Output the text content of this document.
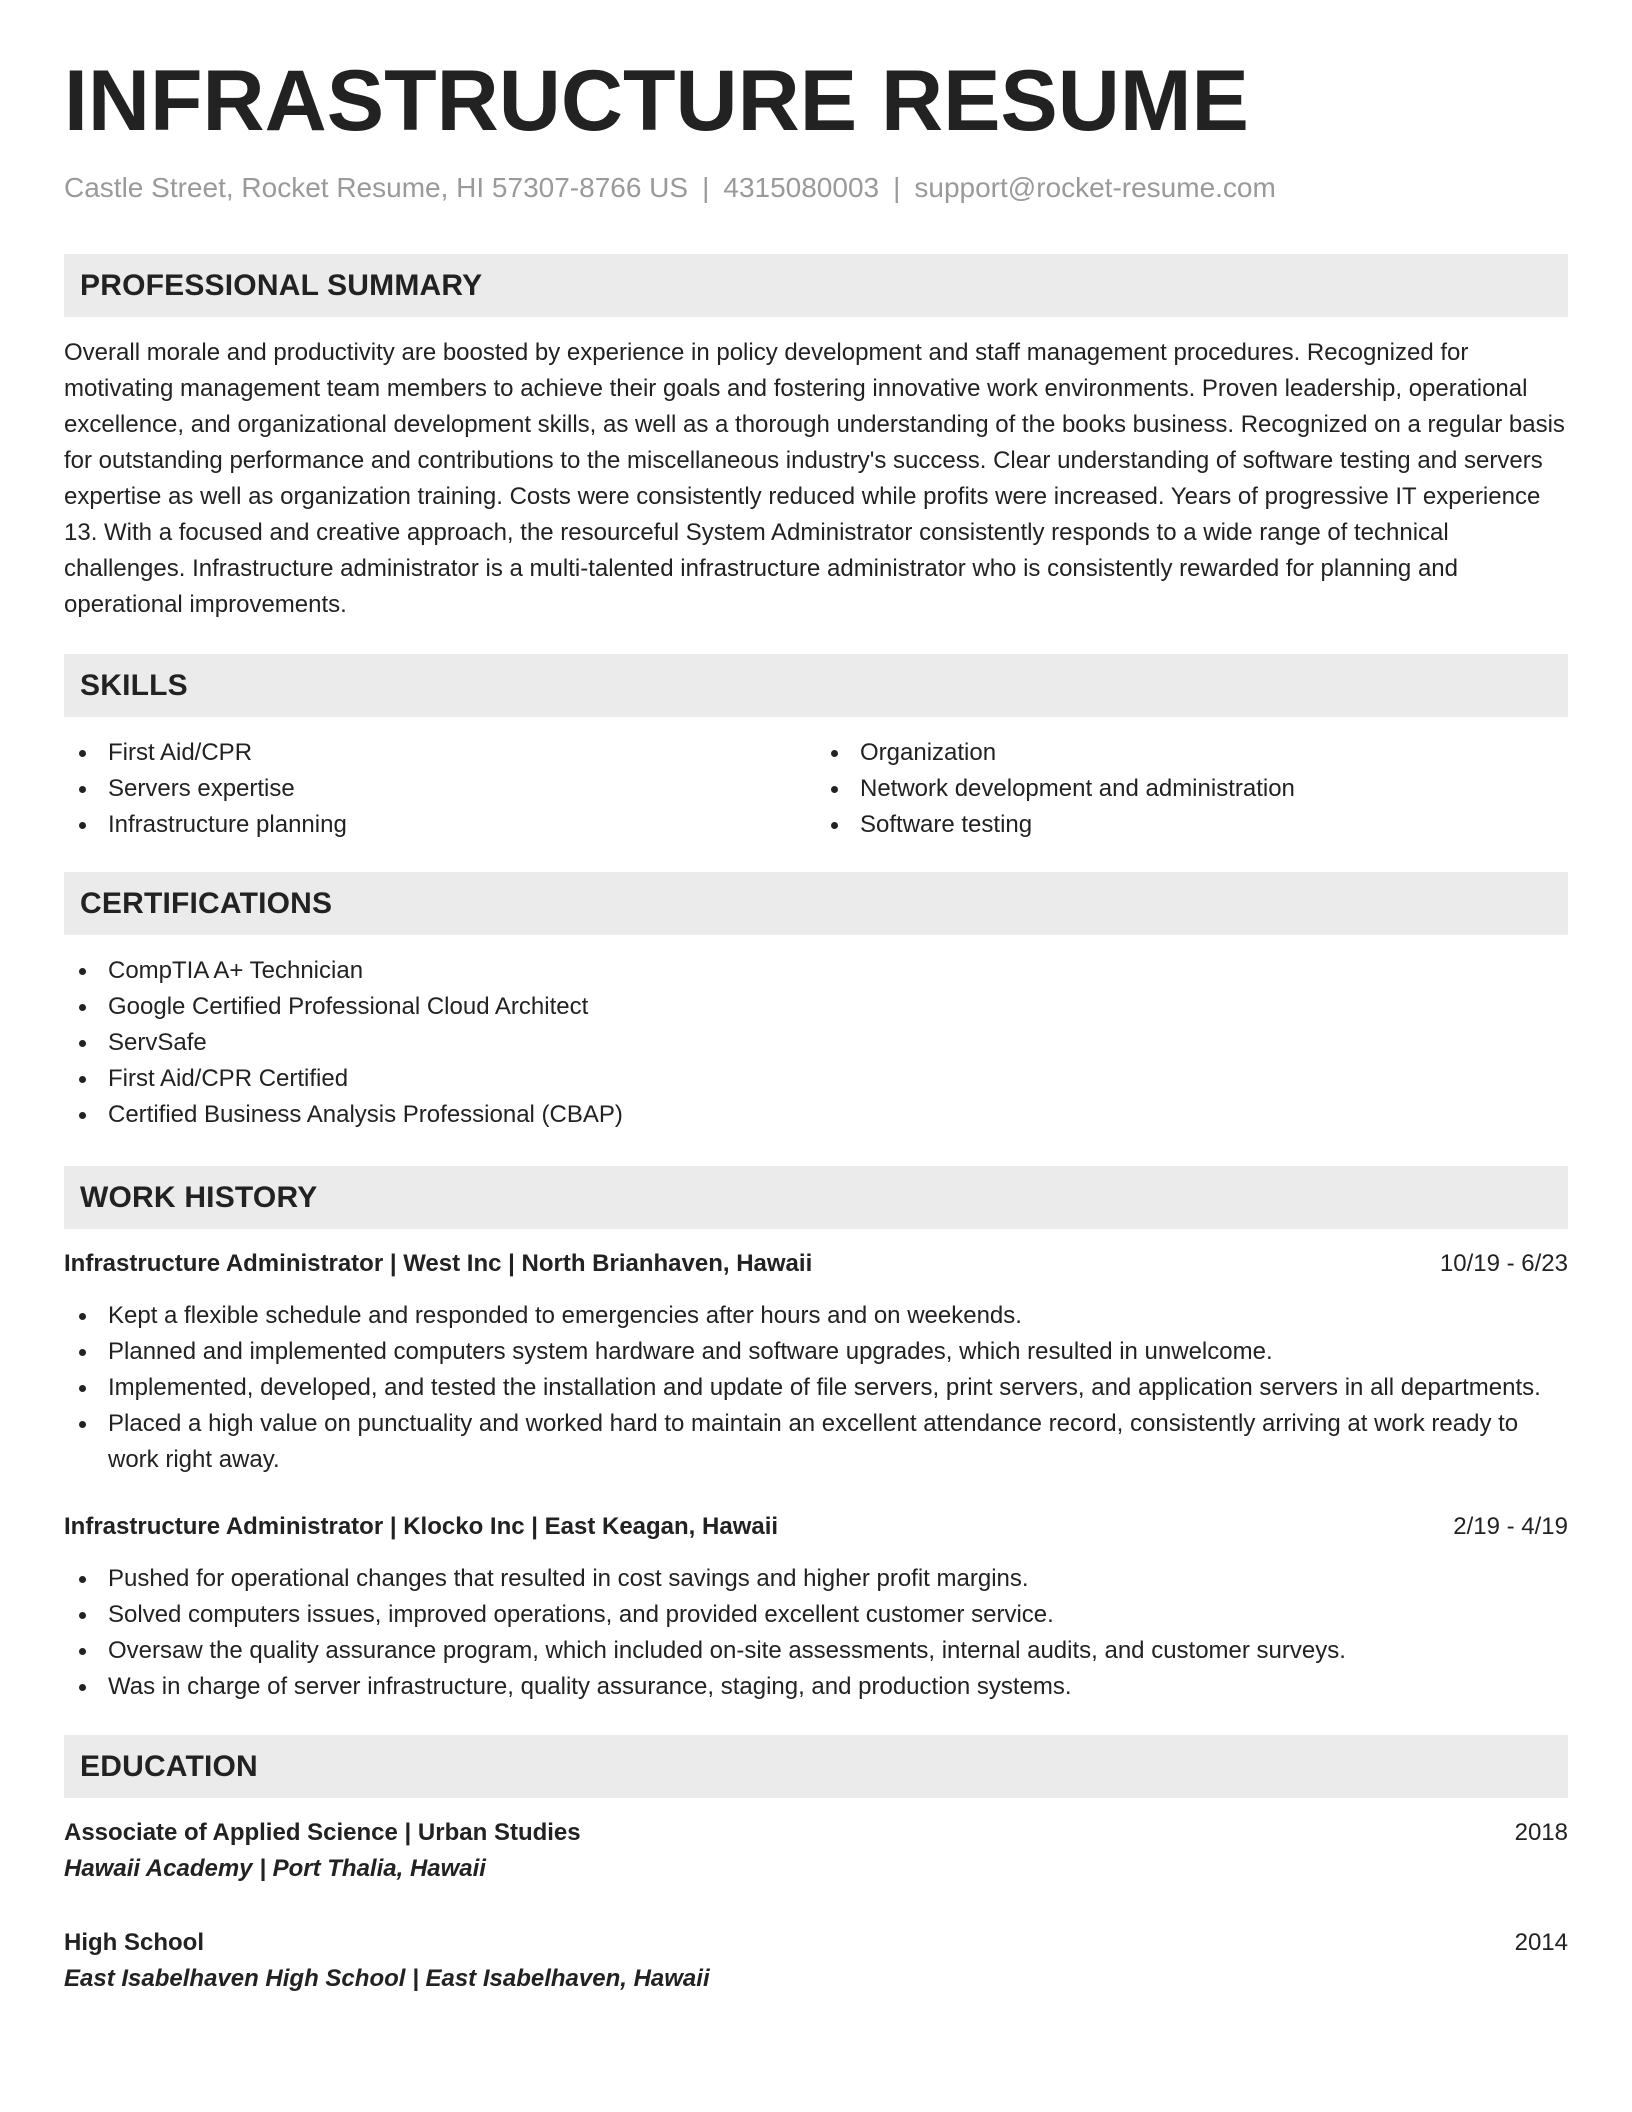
INFRASTRUCTURE RESUME
Castle Street, Rocket Resume, HI 57307-8766 US | 4315080003 | support@rocket-resume.com
PROFESSIONAL SUMMARY

Overall morale and productivity are boosted by experience in policy development and staff management procedures. Recognized for motivating management team members to achieve their goals and fostering innovative work environments. Proven leadership, operational excellence, and organizational development skills, as well as a thorough understanding of the books business. Recognized on a regular basis for outstanding performance and contributions to the miscellaneous industry's success. Clear understanding of software testing and servers expertise as well as organization training. Costs were consistently reduced while profits were increased. Years of progressive IT experience 13. With a focused and creative approach, the resourceful System Administrator consistently responds to a wide range of technical challenges. Infrastructure administrator is a multi-talented infrastructure administrator who is consistently rewarded for planning and operational improvements.

SKILLS
First Aid/CPR
Servers expertise
Infrastructure planning
Organization
Network development and administration
Software testing
CERTIFICATIONS
CompTIA A+ Technician
Google Certified Professional Cloud Architect
ServSafe
First Aid/CPR Certified
Certified Business Analysis Professional (CBAP)
WORK HISTORY
Infrastructure Administrator | West Inc | North Brianhaven, Hawaii	10/19 - 6/23
Kept a flexible schedule and responded to emergencies after hours and on weekends.
Planned and implemented computers system hardware and software upgrades, which resulted in unwelcome.
Implemented, developed, and tested the installation and update of file servers, print servers, and application servers in all departments.
Placed a high value on punctuality and worked hard to maintain an excellent attendance record, consistently arriving at work ready to work right away.
Infrastructure Administrator | Klocko Inc | East Keagan, Hawaii	2/19 - 4/19
Pushed for operational changes that resulted in cost savings and higher profit margins.
Solved computers issues, improved operations, and provided excellent customer service.
Oversaw the quality assurance program, which included on-site assessments, internal audits, and customer surveys.
Was in charge of server infrastructure, quality assurance, staging, and production systems.
EDUCATION
Associate of Applied Science | Urban Studies	2018
Hawaii Academy | Port Thalia, Hawaii
High School	2014
East Isabelhaven High School | East Isabelhaven, Hawaii
